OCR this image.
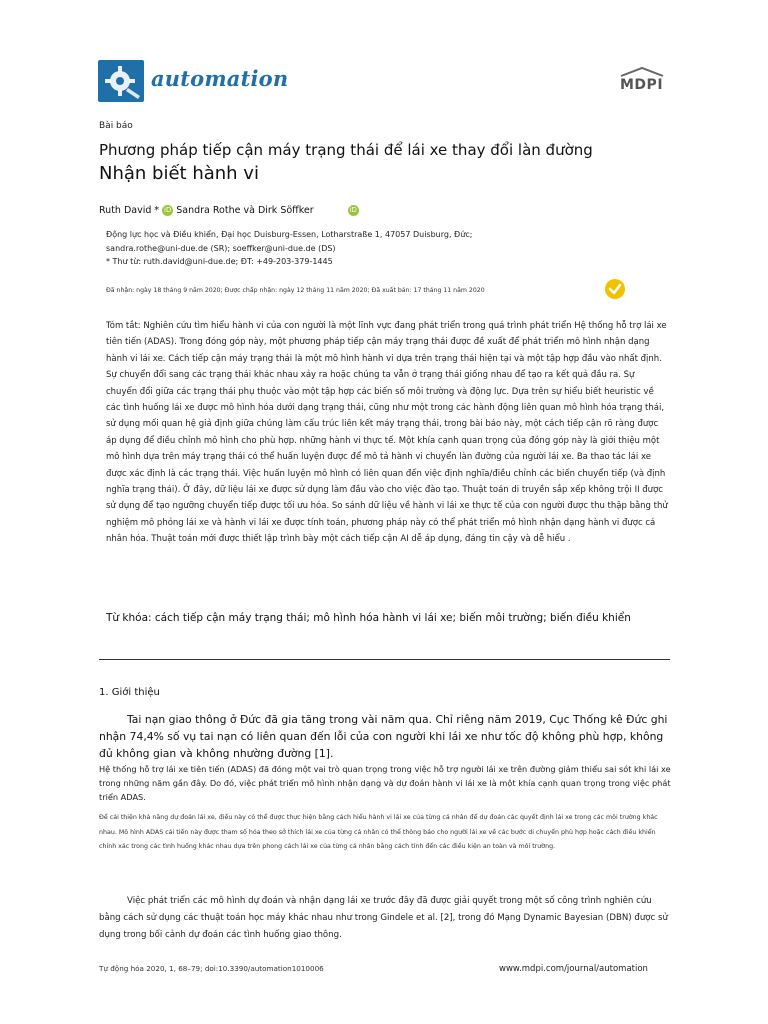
automation	MDPI
Bài báo
Phương pháp tiếp cận máy trạng thái để lái xe thay đổi làn đường
Nhận biết hành vi
Ruth David * iD Sandra Rothe và Dirk Söffker	iD
Động lực học và Điều khiển, Đại học Duisburg-Essen, Lotharstraße 1, 47057 Duisburg, Đức;
sandra.rothe@uni-due.de (SR); soeffker@uni-due.de (DS)
* Thư từ: ruth.david@uni-due.de; ĐT: +49-203-379-1445
Đã nhận: ngày 18 tháng 9 năm 2020; Được chấp nhận: ngày 12 tháng 11 năm 2020; Đã xuất bản: 17 tháng 11 năm 2020

Tóm tắt: Nghiên cứu tìm hiểu hành vi của con người là một lĩnh vực đang phát triển trong quá trình phát triển Hệ thống hỗ trợ lái xe tiên tiến (ADAS). Trong đóng góp này, một phương pháp tiếp cận máy trạng thái được đề xuất để phát triển mô hình nhận dạng hành vi lái xe. Cách tiếp cận máy trạng thái là một mô hình hành vi dựa trên trạng thái hiện tại và một tập hợp đầu vào nhất định. Sự chuyển đổi sang các trạng thái khác nhau xảy ra hoặc chúng ta vẫn ở trạng thái giống nhau để tạo ra kết quả đầu ra. Sự chuyển đổi giữa các trạng thái phụ thuộc vào một tập hợp các biến số môi trường và động lực. Dựa trên sự hiểu biết heuristic về các tình huống lái xe được mô hình hóa dưới dạng trạng thái, cũng như một trong các hành động liên quan mô hình hóa trạng thái, sử dụng mối quan hệ giả định giữa chúng làm cấu trúc liên kết máy trạng thái, trong bài báo này, một cách tiếp cận rõ ràng được áp dụng để điều chỉnh mô hình cho phù hợp. những hành vi thực tế. Một khía cạnh quan trọng của đóng góp này là giới thiệu một mô hình dựa trên máy trạng thái có thể huấn luyện được để mô tả hành vi chuyển làn đường của người lái xe. Ba thao tác lái xe được xác định là các trạng thái. Việc huấn luyện mô hình có liên quan đến việc định nghĩa/điều chỉnh các biến chuyển tiếp (và định nghĩa trạng thái). Ở đây, dữ liệu lái xe được sử dụng làm đầu vào cho việc đào tạo. Thuật toán di truyền sắp xếp không trội II được sử dụng để tạo ngưỡng chuyển tiếp được tối ưu hóa. So sánh dữ liệu về hành vi lái xe thực tế của con người được thu thập bằng thử nghiệm mô phỏng lái xe và hành vi lái xe được tính toán, phương pháp này có thể phát triển mô hình nhận dạng hành vi được cá nhân hóa. Thuật toán mới được thiết lập trình bày một cách tiếp cận AI dễ áp dụng, đáng tin cậy và dễ hiểu .

Từ khóa: cách tiếp cận máy trạng thái; mô hình hóa hành vi lái xe; biến môi trường; biến điều khiển
1. Giới thiệu

Tai nạn giao thông ở Đức đã gia tăng trong vài năm qua. Chỉ riêng năm 2019, Cục Thống kê Đức ghi nhận 74,4% số vụ tai nạn có liên quan đến lỗi của con người khi lái xe như tốc độ không phù hợp, không đủ không gian và không nhường đường [1].

Hệ thống hỗ trợ lái xe tiên tiến (ADAS) đã đóng một vai trò quan trọng trong việc hỗ trợ người lái xe trên đường giảm thiểu sai sót khi lái xe trong những năm gần đây. Do đó, việc phát triển mô hình nhận dạng và dự đoán hành vi lái xe là một khía cạnh quan trọng trong việc phát triển ADAS.

Để cải thiện khả năng dự đoán lái xe, điều này có thể được thực hiện bằng cách hiểu hành vi lái xe của từng cá nhân để dự đoán các quyết định lái xe trong các môi trường khác nhau. Mô hình ADAS cải tiến này được tham số hóa theo sở thích lái xe của từng cá nhân có thể thông báo cho người lái xe về các bước di chuyển phù hợp hoặc cách điều khiển chính xác trong các tình huống khác nhau dựa trên phong cách lái xe của từng cá nhân bằng cách tính đến các điều kiện an toàn và môi trường.

Việc phát triển các mô hình dự đoán và nhận dạng lái xe trước đây đã được giải quyết trong một số công trình nghiên cứu bằng cách sử dụng các thuật toán học máy khác nhau như trong Gindele et al. [2], trong đó Mạng Dynamic Bayesian (DBN) được sử dụng trong bối cảnh dự đoán các tình huống giao thông.

Tự động hóa 2020, 1, 68–79; doi:10.3390/automation1010006	www.mdpi.com/journal/automation
